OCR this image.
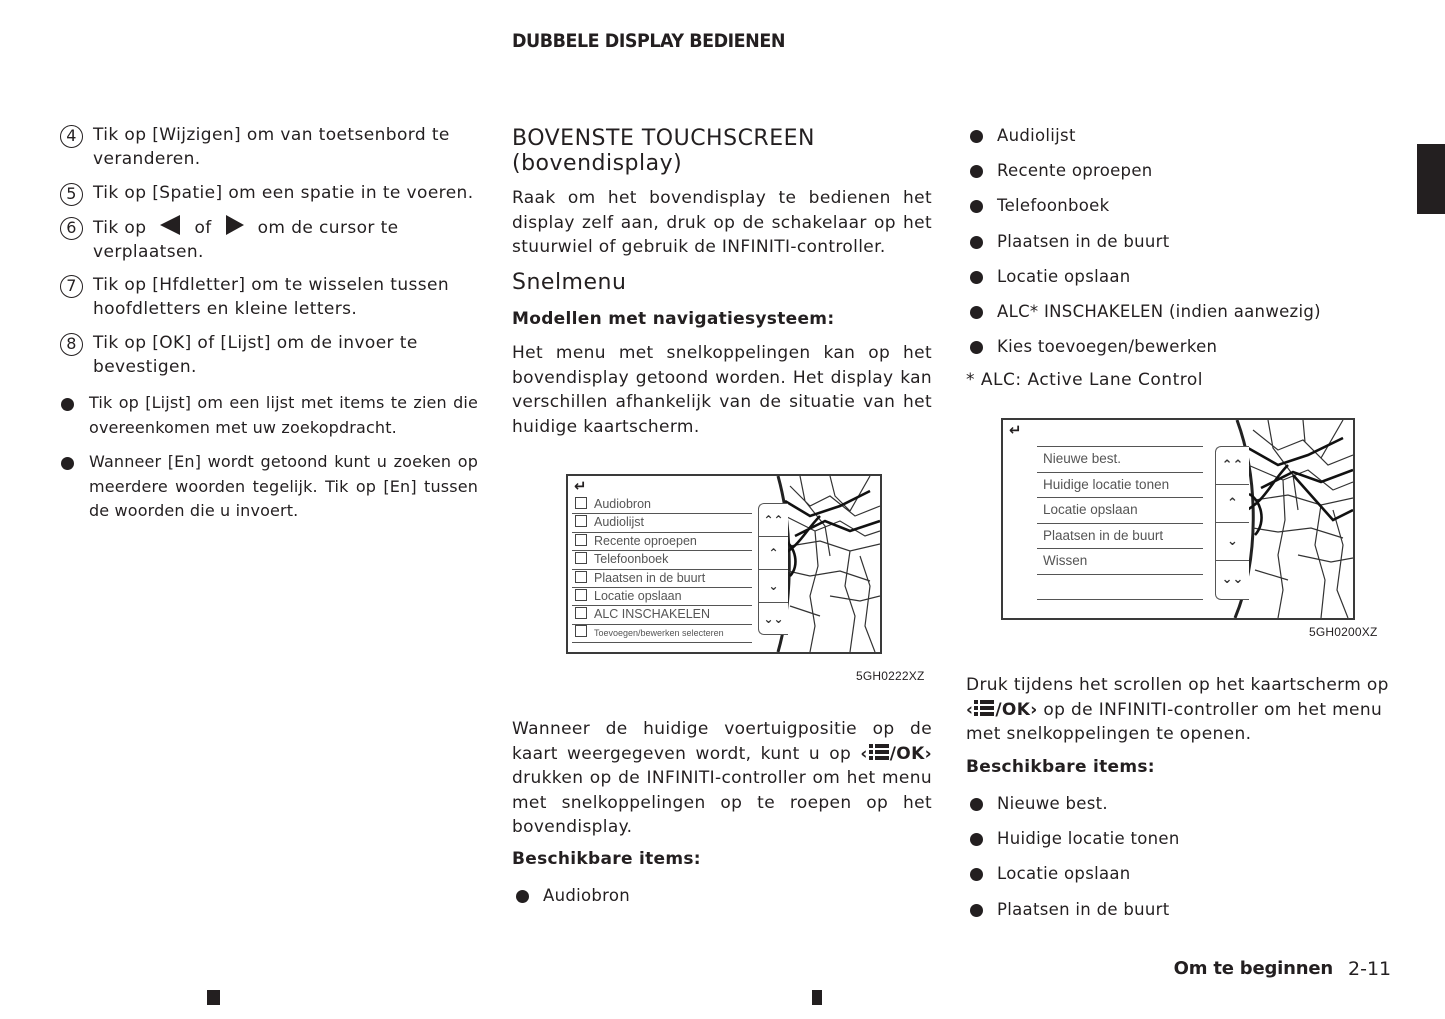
DUBBELE DISPLAY BEDIENEN
4 Tik op [Wijzigen] om van toetsenbord te veranderen.
5 Tik op [Spatie] om een spatie in te voeren.
6 Tik op	of	om de cursor te verplaatsen.
7 Tik op [Hfdletter] om te wisselen tussen hoofdletters en kleine letters.
8 Tik op [OK] of [Lijst] om de invoer te bevestigen.
Tik op [Lijst] om een lijst met items te zien die overeenkomen met uw zoekopdracht.
Wanneer [En] wordt getoond kunt u zoeken op meerdere woorden tegelijk. Tik op [En] tussen de woorden die u invoert.
BOVENSTE TOUCHSCREEN
(bovendisplay)
Raak om het bovendisplay te bedienen het display zelf aan, druk op de schakelaar op het stuurwiel of gebruik de INFINITI-controller.
Snelmenu
Modellen met navigatiesysteem:
Het menu met snelkoppelingen kan op het bovendisplay getoond worden. Het display kan verschillen afhankelijk van de situatie van het huidige kaartscherm.
↵
Audiobron
Audiolijst
Recente oproepen
Telefoonboek
Plaatsen in de buurt
Locatie opslaan
ALC INSCHAKELEN
Toevoegen/bewerken selecteren
⌃⌃
⌃
⌄
⌄⌄
5GH0222XZ
Wanneer de huidige voertuigpositie op de kaart weergegeven wordt, kunt u op ‹ /OK› drukken op de INFINITI-controller om het menu met snelkoppelingen op te roepen op het bovendisplay.
Beschikbare items:
Audiobron
Audiolijst
Recente oproepen
Telefoonboek
Plaatsen in de buurt
Locatie opslaan
ALC* INSCHAKELEN (indien aanwezig)
Kies toevoegen/bewerken
* ALC: Active Lane Control
↵
Nieuwe best.
Huidige locatie tonen
Locatie opslaan
Plaatsen in de buurt
Wissen
⌃⌃
⌃
⌄
⌄⌄
5GH0200XZ
Druk tijdens het scrollen op het kaartscherm op ‹ /OK› op de INFINITI-controller om het menu met snelkoppelingen te openen.
Beschikbare items:
Nieuwe best.
Huidige locatie tonen
Locatie opslaan
Plaatsen in de buurt
Om te beginnen 2-11
